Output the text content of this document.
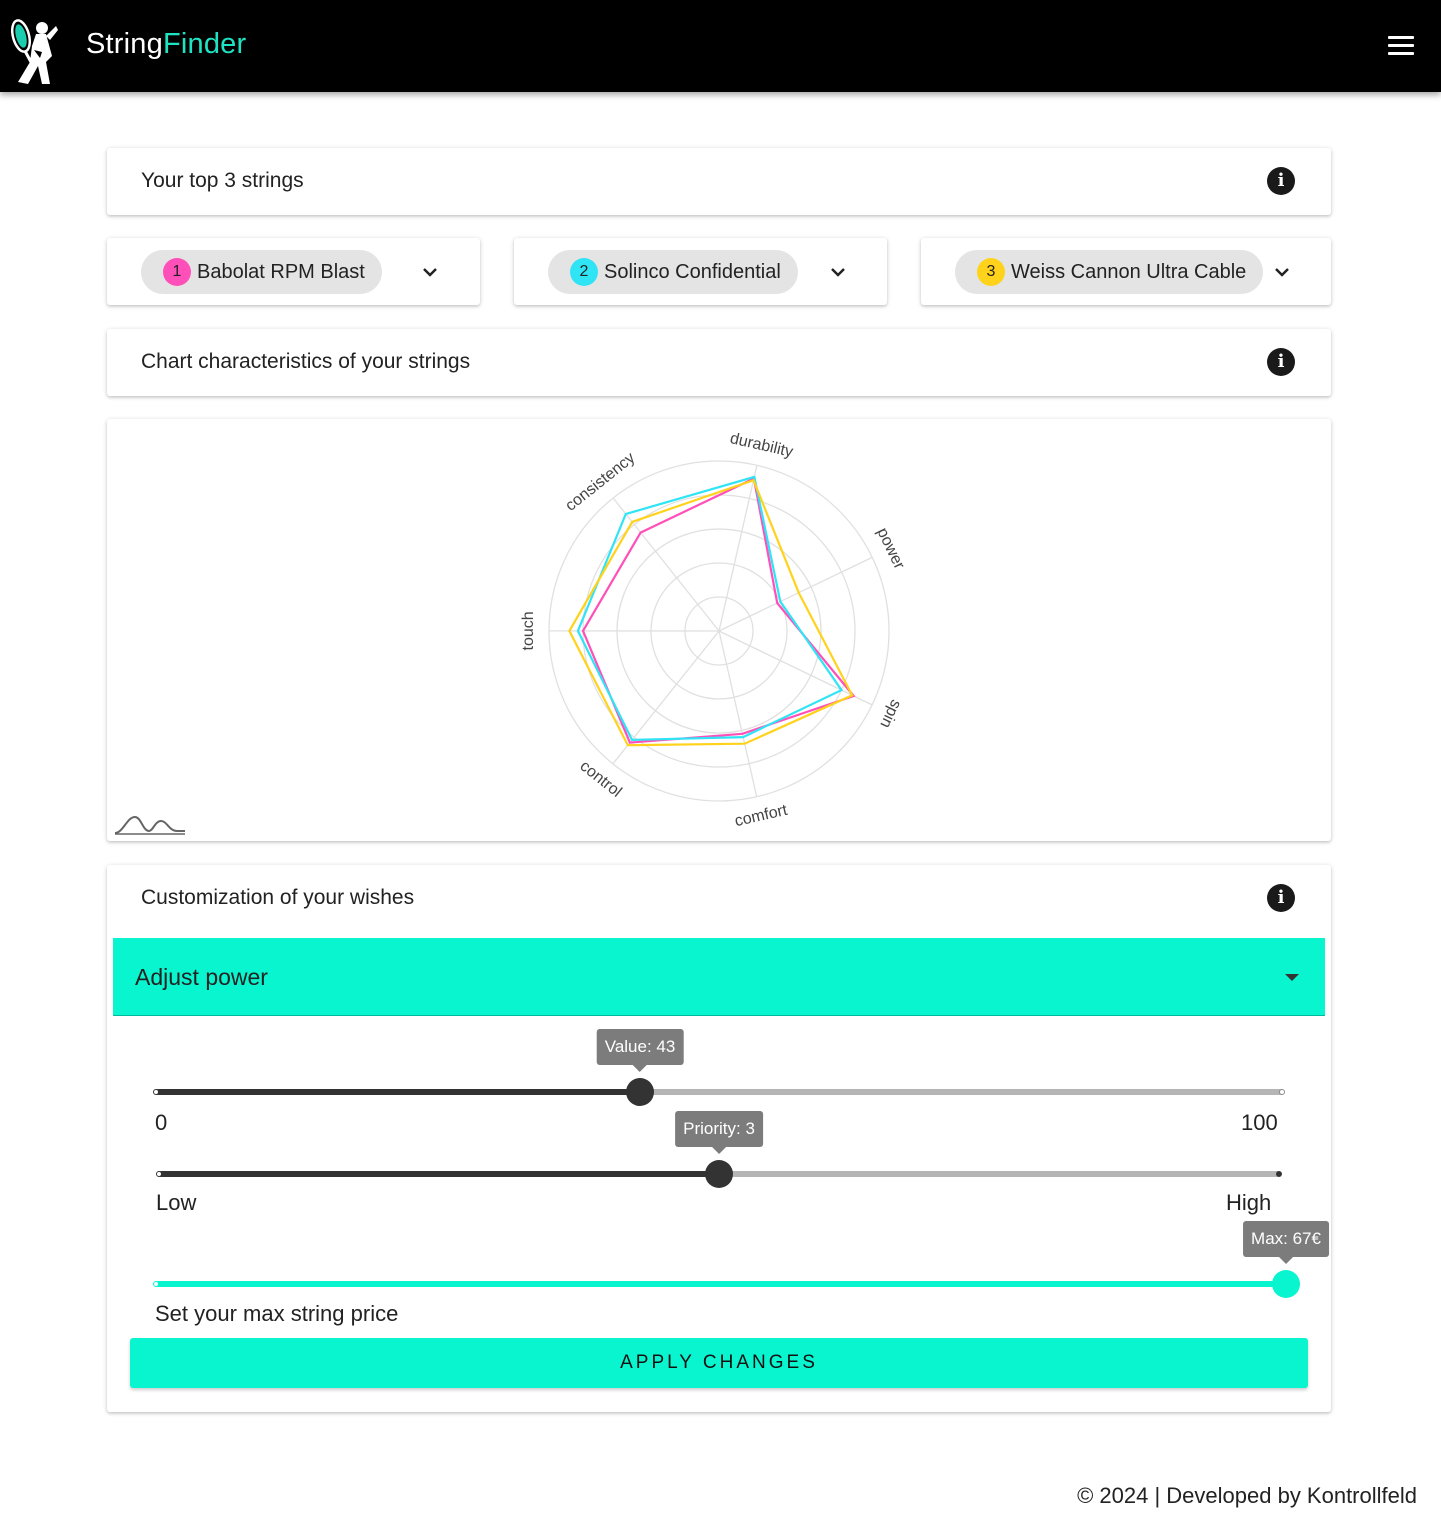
StringFinder
Your top 3 strings	i
1 Babolat RPM Blast	2 Solinco Confidential	3 Weiss Cannon Ultra Cable
Chart characteristics of your strings	i
durability
power
spin
comfort
control
touch
consistency
Customization of your wishes	i
Adjust power
Value: 43
0	100
Priority: 3
Low	High
Max: 67€
Set your max string price
APPLY CHANGES
© 2024 | Developed by Kontrollfeld
